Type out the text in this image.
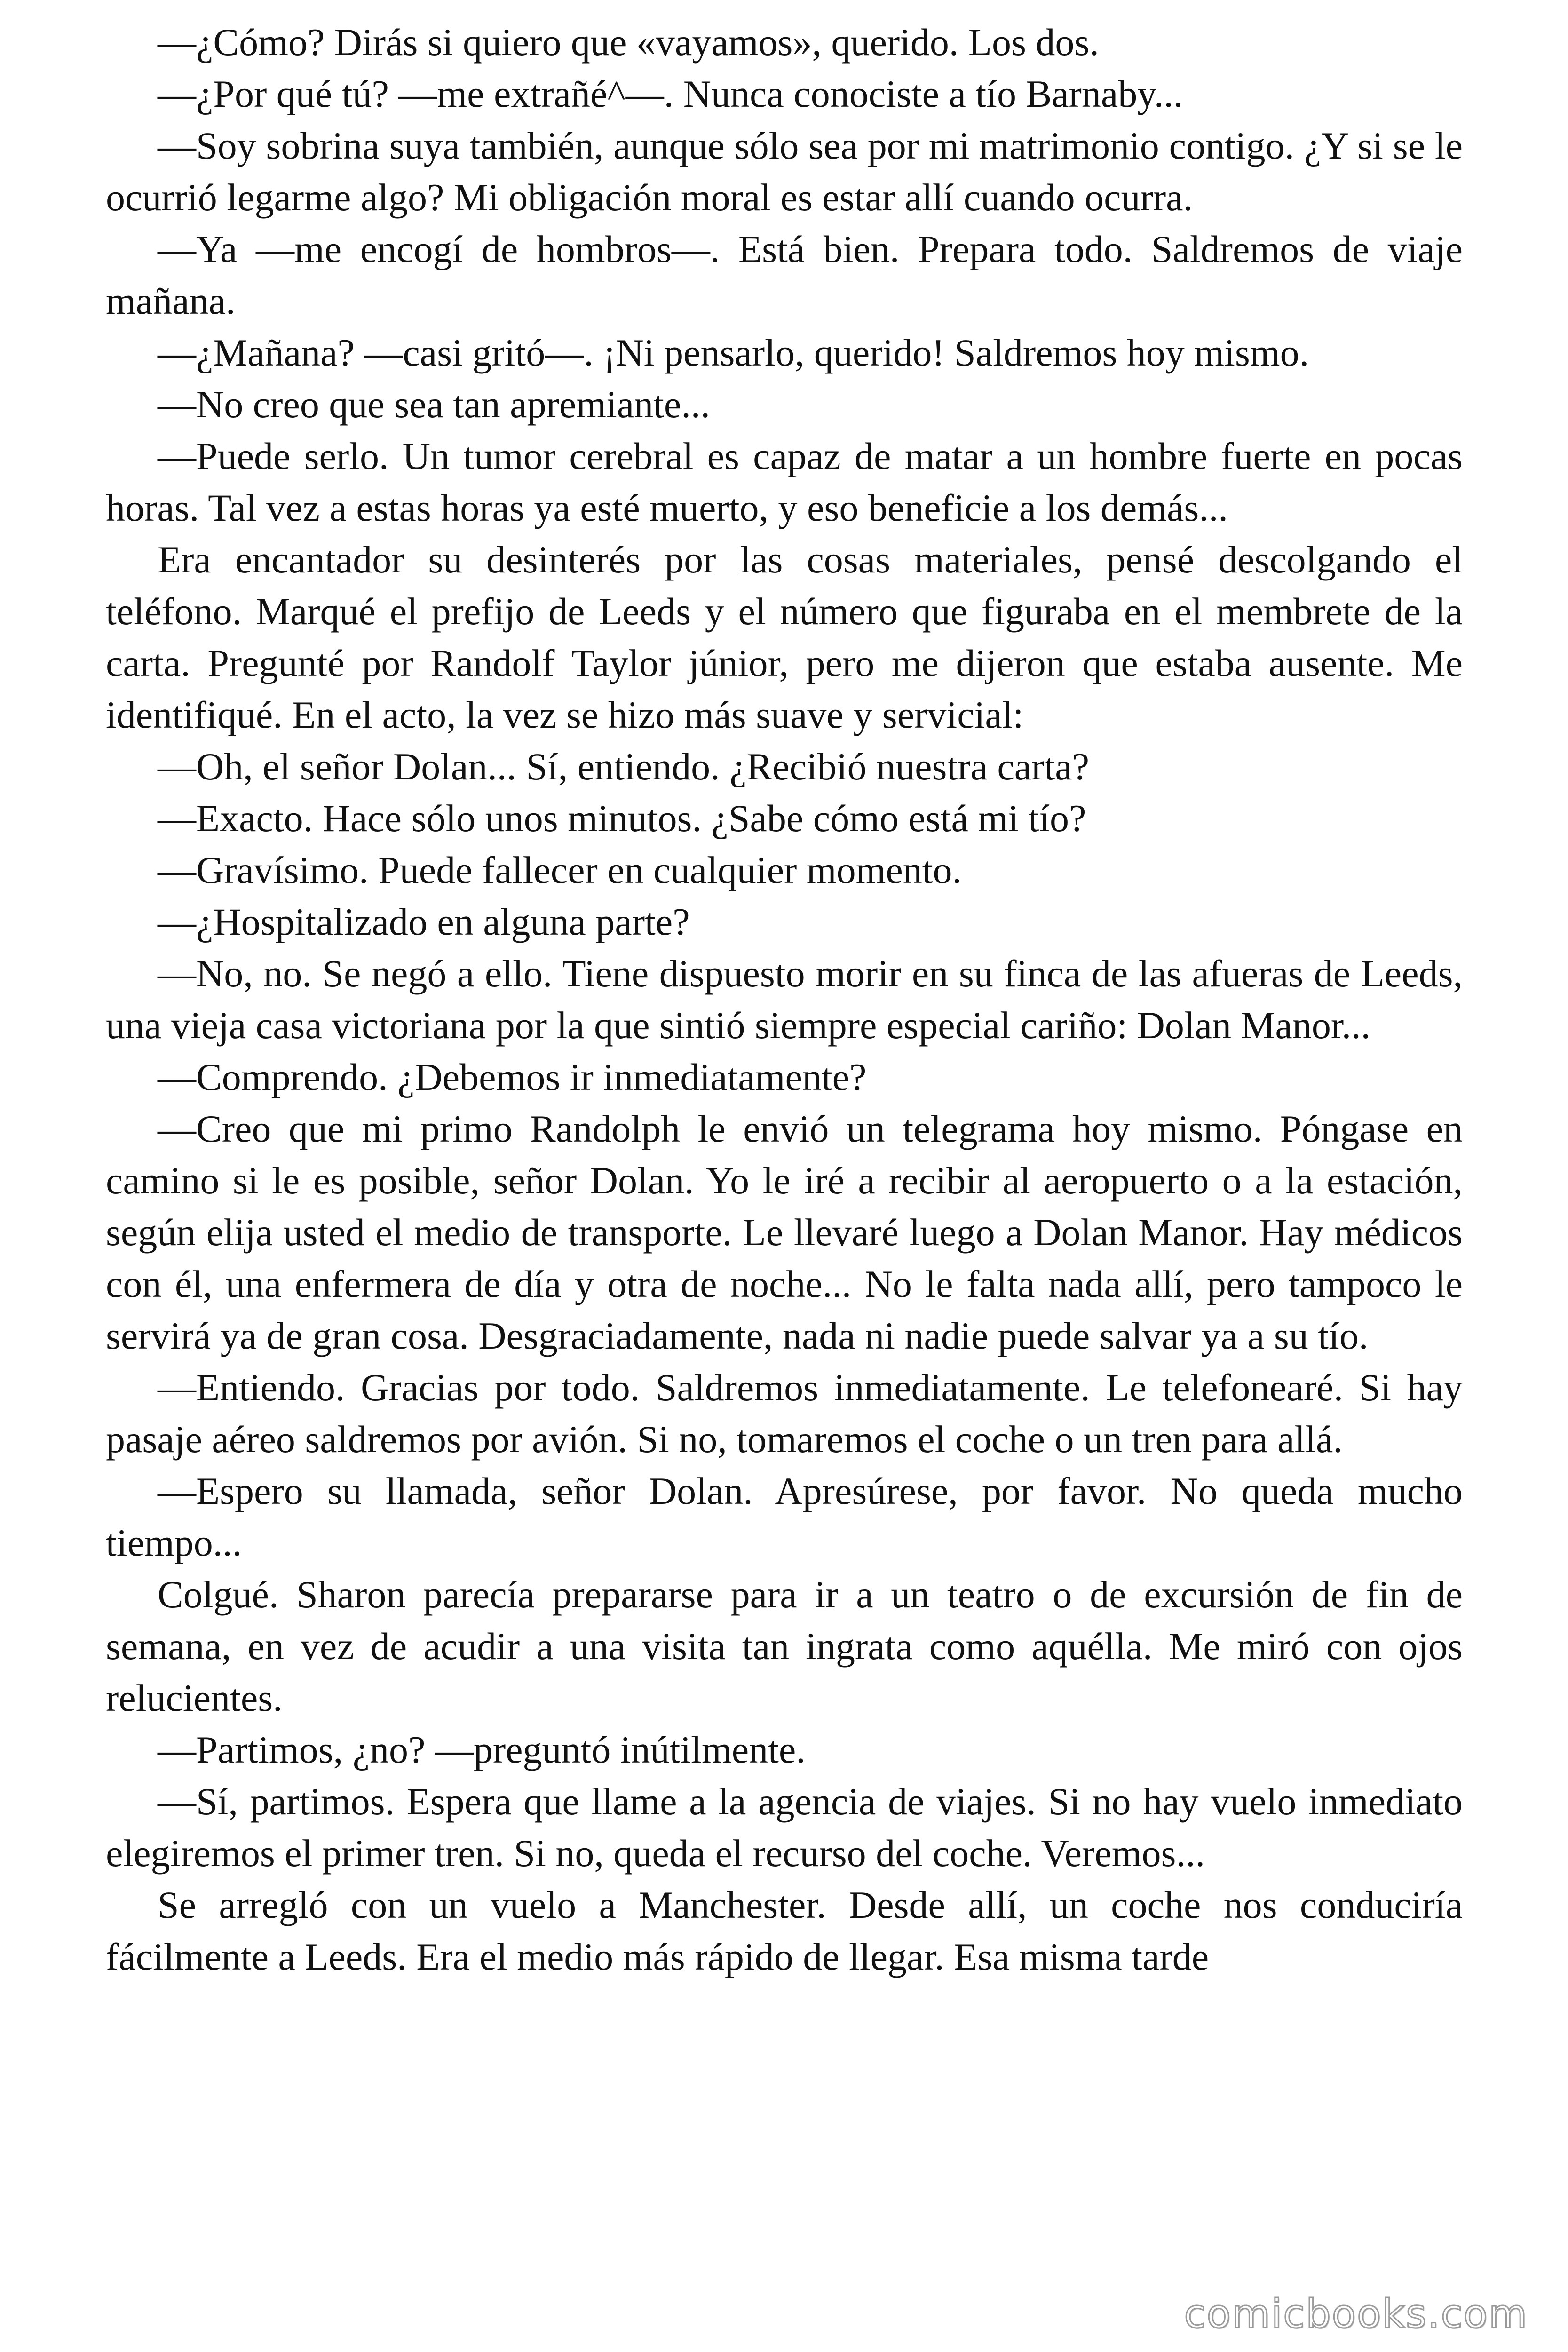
—¿Cómo? Dirás si quiero que «vayamos», querido. Los dos.

—¿Por qué tú? —me extrañé^—. Nunca conociste a tío Barnaby...

—Soy sobrina suya también, aunque sólo sea por mi matrimonio contigo. ¿Y si se le ocurrió legarme algo? Mi obligación moral es estar allí cuando ocurra.

—Ya —me encogí de hombros—. Está bien. Prepara todo. Saldremos de viaje mañana.

—¿Mañana? —casi gritó—. ¡Ni pensarlo, querido! Saldremos hoy mismo.

—No creo que sea tan apremiante...

—Puede serlo. Un tumor cerebral es capaz de matar a un hombre fuerte en pocas horas. Tal vez a estas horas ya esté muerto, y eso beneficie a los demás...

Era encantador su desinterés por las cosas materiales, pensé descolgando el teléfono. Marqué el prefijo de Leeds y el número que figuraba en el membrete de la carta. Pregunté por Randolf Taylor júnior, pero me dijeron que estaba ausente. Me identifiqué. En el acto, la vez se hizo más suave y servicial:

—Oh, el señor Dolan... Sí, entiendo. ¿Recibió nuestra carta?

—Exacto. Hace sólo unos minutos. ¿Sabe cómo está mi tío?

—Gravísimo. Puede fallecer en cualquier momento.

—¿Hospitalizado en alguna parte?

—No, no. Se negó a ello. Tiene dispuesto morir en su finca de las afueras de Leeds, una vieja casa victoriana por la que sintió siempre especial cariño: Dolan Manor...

—Comprendo. ¿Debemos ir inmediatamente?

—Creo que mi primo Randolph le envió un telegrama hoy mismo. Póngase en camino si le es posible, señor Dolan. Yo le iré a recibir al aeropuerto o a la estación, según elija usted el medio de transporte. Le llevaré luego a Dolan Manor. Hay médicos con él, una enfermera de día y otra de noche... No le falta nada allí, pero tampoco le servirá ya de gran cosa. Desgraciadamente, nada ni nadie puede salvar ya a su tío.

—Entiendo. Gracias por todo. Saldremos inmediatamente. Le telefonearé. Si hay pasaje aéreo saldremos por avión. Si no, tomaremos el coche o un tren para allá.

—Espero su llamada, señor Dolan. Apresúrese, por favor. No queda mucho tiempo...

Colgué. Sharon parecía prepararse para ir a un teatro o de excursión de fin de semana, en vez de acudir a una visita tan ingrata como aquélla. Me miró con ojos relucientes.

—Partimos, ¿no? —preguntó inútilmente.

—Sí, partimos. Espera que llame a la agencia de viajes. Si no hay vuelo inmediato elegiremos el primer tren. Si no, queda el recurso del coche. Veremos...

Se arregló con un vuelo a Manchester. Desde allí, un coche nos conduciría fácilmente a Leeds. Era el medio más rápido de llegar. Esa misma tarde

comicbooks.com
